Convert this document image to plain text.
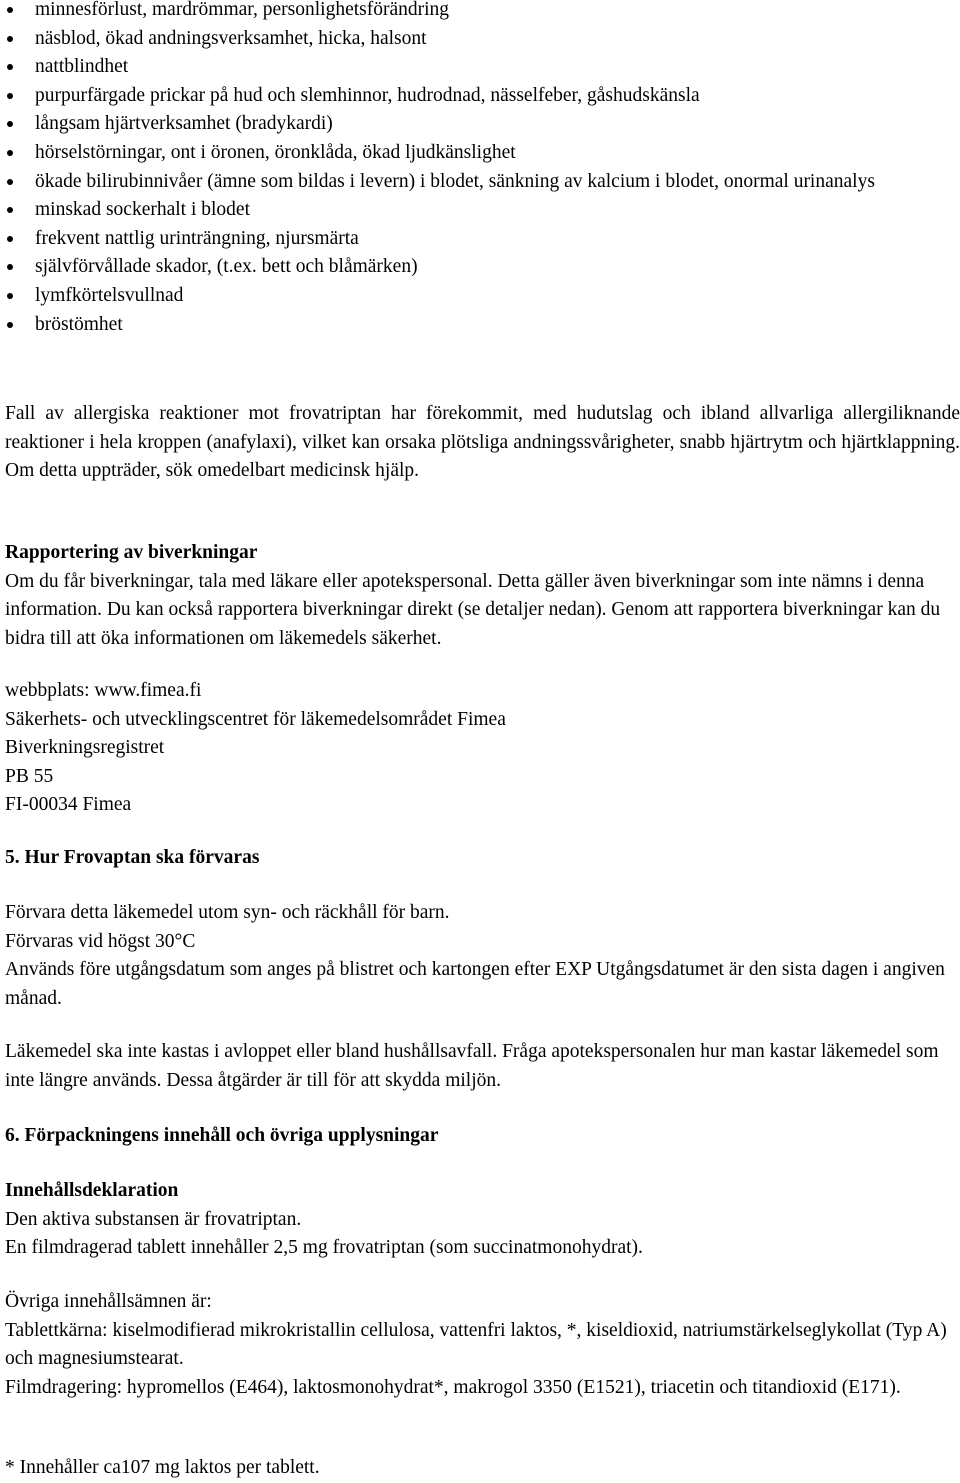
minnesförlust, mardrömmar, personlighetsförändring
näsblod, ökad andningsverksamhet, hicka, halsont
nattblindhet
purpurfärgade prickar på hud och slemhinnor, hudrodnad, nässelfeber, gåshudskänsla
långsam hjärtverksamhet (bradykardi)
hörselstörningar, ont i öronen, öronklåda, ökad ljudkänslighet
ökade bilirubinnivåer (ämne som bildas i levern) i blodet, sänkning av kalcium i blodet, onormal urinanalys
minskad sockerhalt i blodet
frekvent nattlig urinträngning, njursmärta
självförvållade skador, (t.ex. bett och blåmärken)
lymfkörtelsvullnad
bröstömhet

Fall av allergiska reaktioner mot frovatriptan har förekommit, med hudutslag och ibland allvarliga allergiliknande reaktioner i hela kroppen (anafylaxi), vilket kan orsaka plötsliga andningssvårigheter, snabb hjärtrytm och hjärtklappning. Om detta uppträder, sök omedelbart medicinsk hjälp.

Rapportering av biverkningar

Om du får biverkningar, tala med läkare eller apotekspersonal. Detta gäller även biverkningar som inte nämns i denna information. Du kan också rapportera biverkningar direkt (se detaljer nedan). Genom att rapportera biverkningar kan du bidra till att öka informationen om läkemedels säkerhet.

webbplats: www.fimea.fi

Säkerhets- och utvecklingscentret för läkemedelsområdet Fimea

Biverkningsregistret

PB 55

FI-00034 Fimea

5. Hur Frovaptan ska förvaras

Förvara detta läkemedel utom syn- och räckhåll för barn.

Förvaras vid högst 30°C

Används före utgångsdatum som anges på blistret och kartongen efter EXP Utgångsdatumet är den sista dagen i angiven månad.

Läkemedel ska inte kastas i avloppet eller bland hushållsavfall. Fråga apotekspersonalen hur man kastar läkemedel som inte längre används. Dessa åtgärder är till för att skydda miljön.

6. Förpackningens innehåll och övriga upplysningar

Innehållsdeklaration

Den aktiva substansen är frovatriptan.

En filmdragerad tablett innehåller 2,5 mg frovatriptan (som succinatmonohydrat).

Övriga innehållsämnen är:

Tablettkärna: kiselmodifierad mikrokristallin cellulosa, vattenfri laktos, *, kiseldioxid, natriumstärkelseglykollat (Typ A) och magnesiumstearat.

Filmdragering: hypromellos (E464), laktosmonohydrat*, makrogol 3350 (E1521), triacetin och titandioxid (E171).

* Innehåller ca107 mg laktos per tablett.
